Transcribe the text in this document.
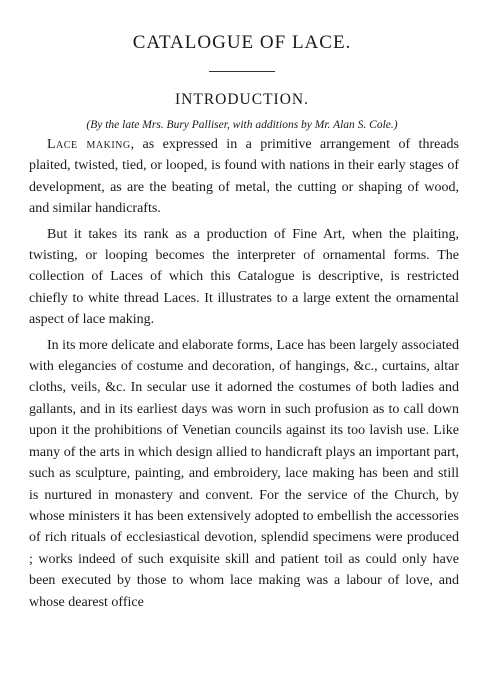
CATALOGUE OF LACE.
INTRODUCTION.
(By the late Mrs. Bury Palliser, with additions by Mr. Alan S. Cole.)

Lace making, as expressed in a primitive arrangement of threads plaited, twisted, tied, or looped, is found with nations in their early stages of development, as are the beating of metal, the cutting or shaping of wood, and similar handicrafts.

But it takes its rank as a production of Fine Art, when the plaiting, twisting, or looping becomes the interpreter of ornamental forms. The collection of Laces of which this Catalogue is descriptive, is restricted chiefly to white thread Laces. It illustrates to a large extent the ornamental aspect of lace making.

In its more delicate and elaborate forms, Lace has been largely associated with elegancies of costume and decoration, of hangings, &c., curtains, altar cloths, veils, &c. In secular use it adorned the costumes of both ladies and gallants, and in its earliest days was worn in such profusion as to call down upon it the prohibitions of Venetian councils against its too lavish use. Like many of the arts in which design allied to handicraft plays an important part, such as sculpture, painting, and embroidery, lace making has been and still is nurtured in monastery and convent. For the service of the Church, by whose ministers it has been extensively adopted to embellish the accessories of rich rituals of ecclesiastical devotion, splendid specimens were produced ; works indeed of such exquisite skill and patient toil as could only have been executed by those to whom lace making was a labour of love, and whose dearest office
